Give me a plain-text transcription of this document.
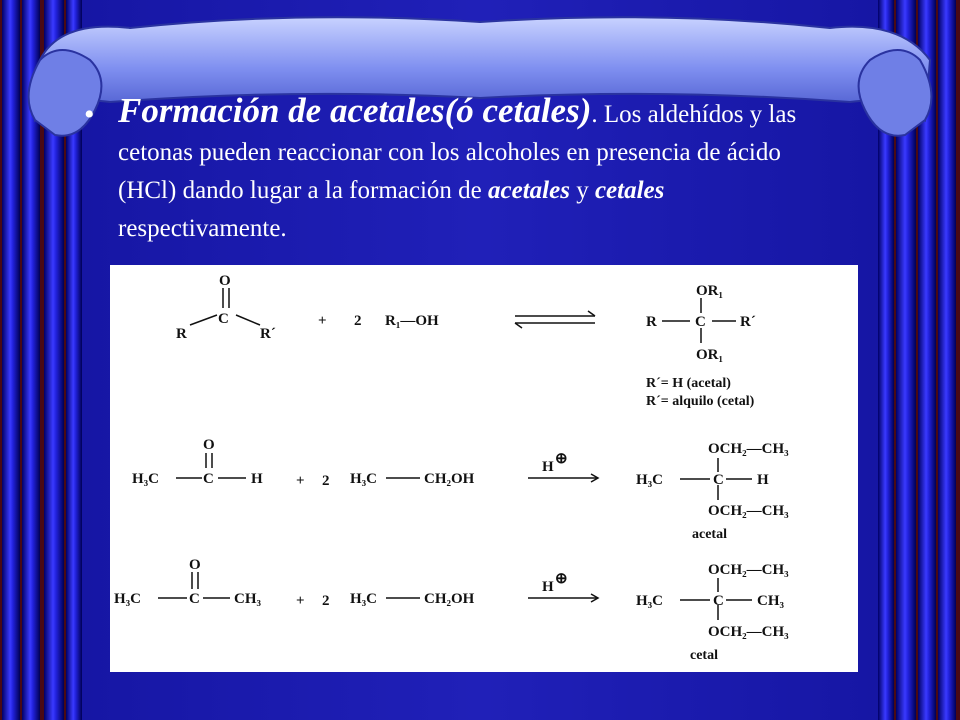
• Formación de acetales(ó cetales). Los aldehídos y las cetonas pueden reaccionar con los alcoholes en presencia de ácido (HCl) dando lugar a la formación de acetales y cetales respectivamente.
O
C
R	R´
+ 2 R₁—OH
OR₁
R	C R´
OR₁
R´= H (acetal)
R´= alquilo (cetal)
O
H₃C	C H + 2 H₃C	CH₂OH
H ⊕
OCH₂—CH₃
H₃C	C H
OCH₂—CH₃
acetal
O
H₃C	C CH₃ + 2 H₃C	CH₂OH
H ⊕
OCH₂—CH₃
H₃C	C CH₃
OCH₂—CH₃
cetal
